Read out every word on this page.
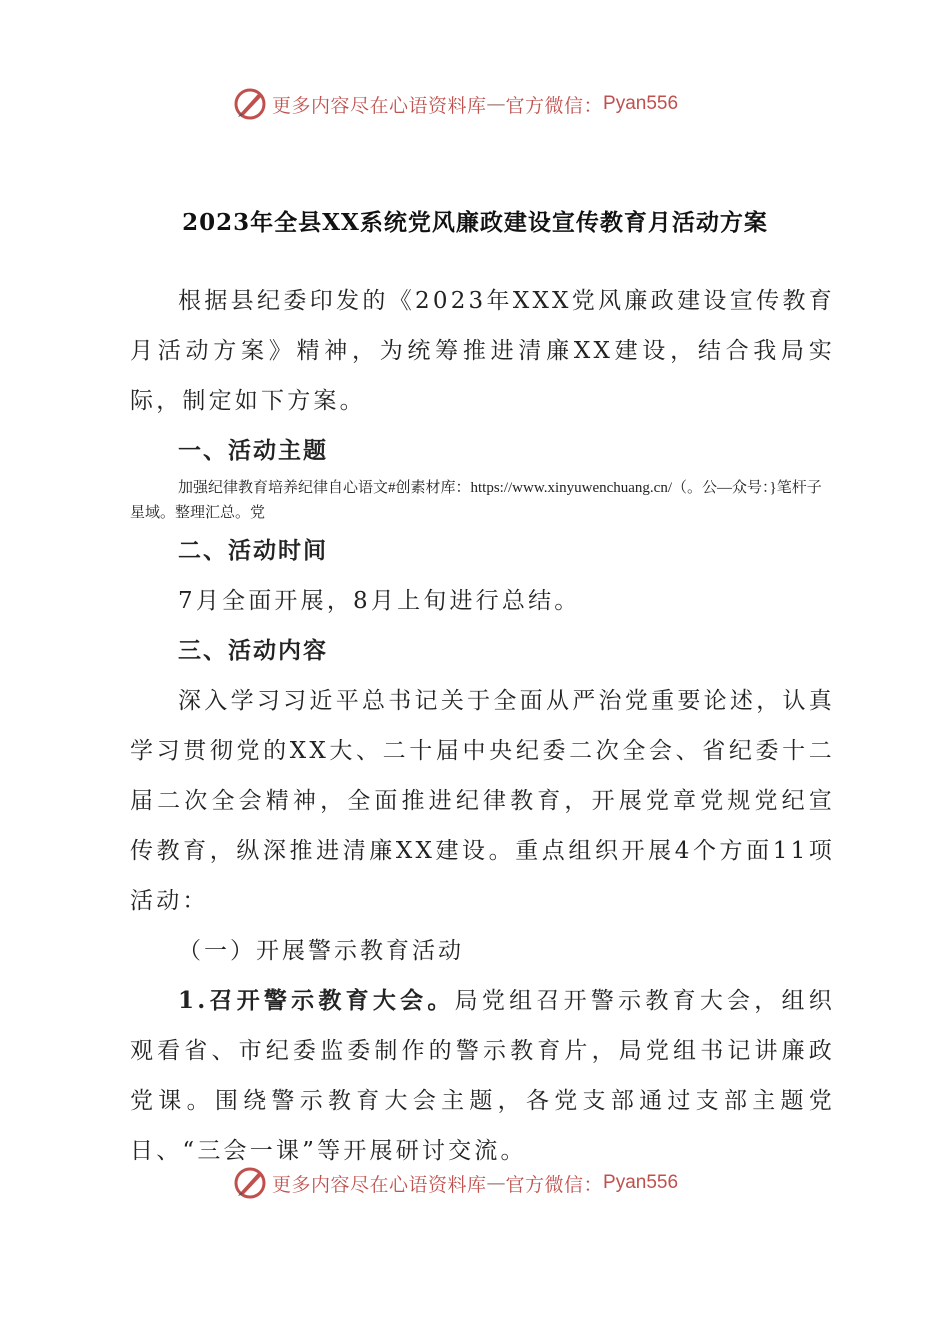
更多内容尽在心语资料库 — 官方微信： Pyan556
2023年全县XX系统党风廉政建设宣传教育月活动方案

根据县纪委印发的《2023年XXX党风廉政建设宣传教育月活动方案》精神，为统筹推进清廉XX建设，结合我局实际，制定如下方案。

一、活动主题

加强纪律教育培养纪律自心语文#创素材库：https://www.xinyuwenchuang.cn/（。公—众号：}笔杆子星域。整理汇总。党

二、活动时间

7月全面开展，8月上旬进行总结。

三、活动内容

深入学习习近平总书记关于全面从严治党重要论述，认真学习贯彻党的XX大、二十届中央纪委二次全会、省纪委十二届二次全会精神，全面推进纪律教育，开展党章党规党纪宣传教育，纵深推进清廉XX建设。重点组织开展4个方面11项活动：

（一）开展警示教育活动

1.召开警示教育大会。局党组召开警示教育大会，组织观看省、市纪委监委制作的警示教育片，局党组书记讲廉政党课。围绕警示教育大会主题，各党支部通过支部主题党日、“三会一课”等开展研讨交流。

更多内容尽在心语资料库 — 官方微信： Pyan556
